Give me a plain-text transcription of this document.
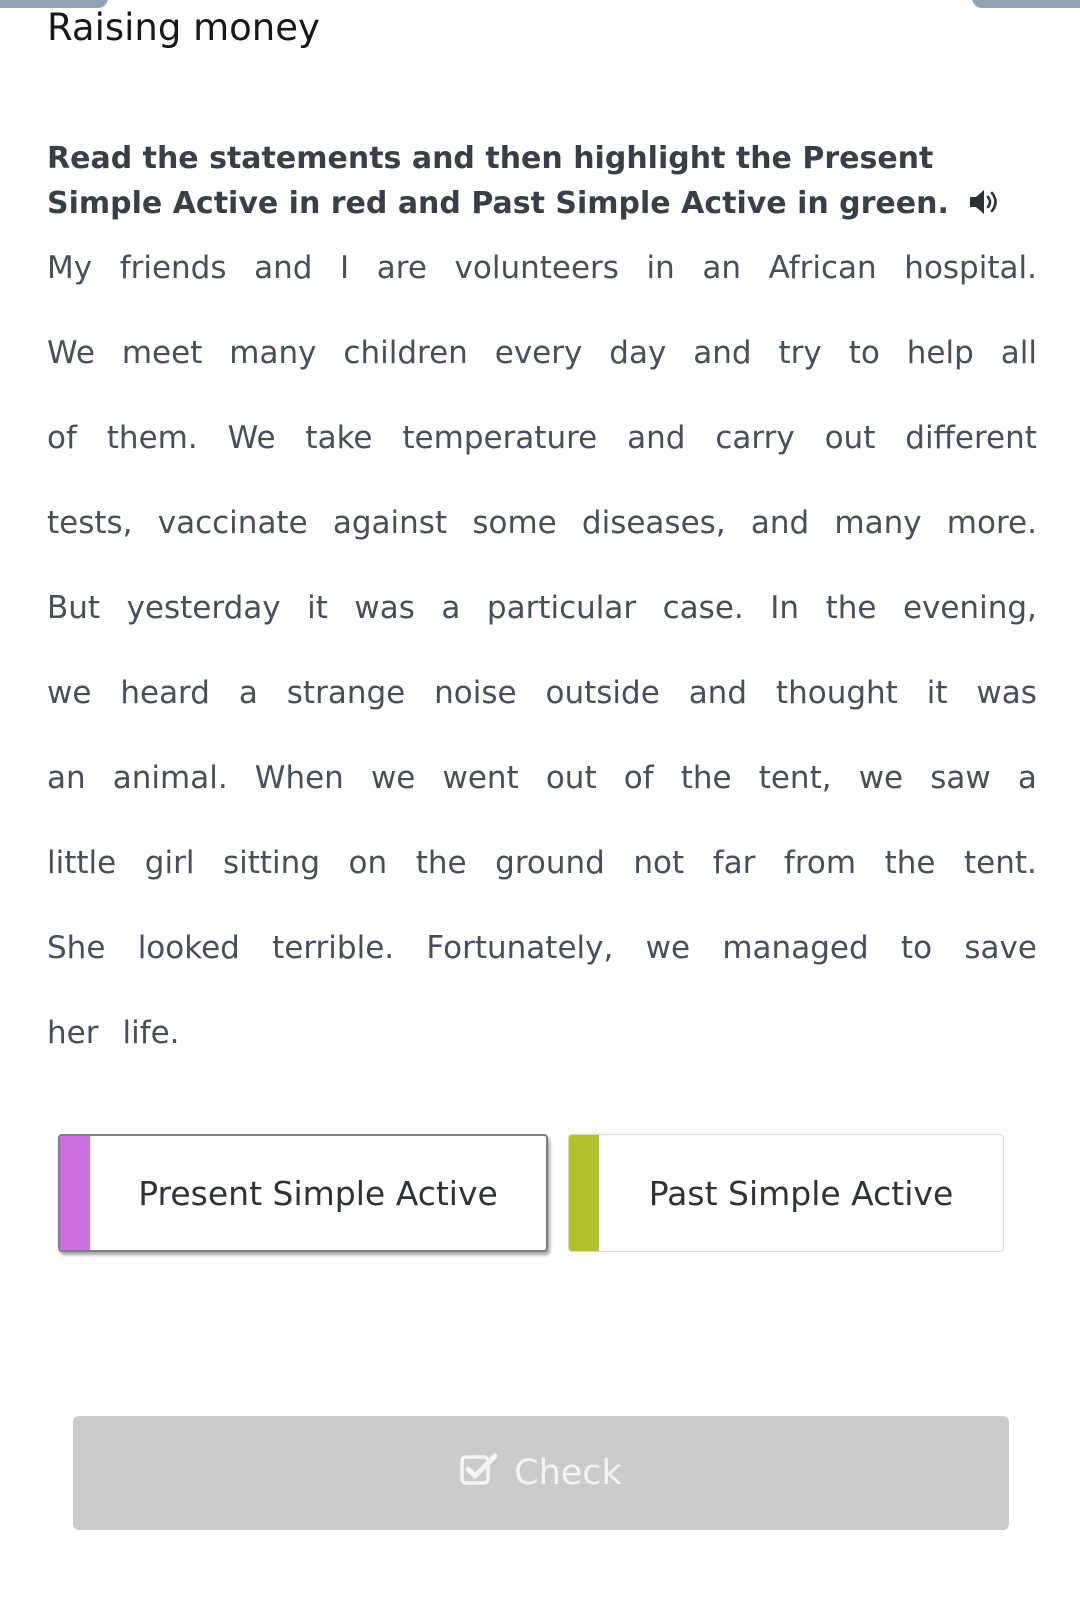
Raising money

Read the statements and then highlight the Present Simple Active in red and Past Simple Active in green.

My friends and I are volunteers in an African hospital.
We meet many children every day and try to help all
of them. We take temperature and carry out different
tests, vaccinate against some diseases, and many more.
But yesterday it was a particular case. In the evening,
we heard a strange noise outside and thought it was
an animal. When we went out of the tent, we saw a
little girl sitting on the ground not far from the tent.
She looked terrible. Fortunately, we managed to save
her life.
Present Simple Active	Past Simple Active
Check
